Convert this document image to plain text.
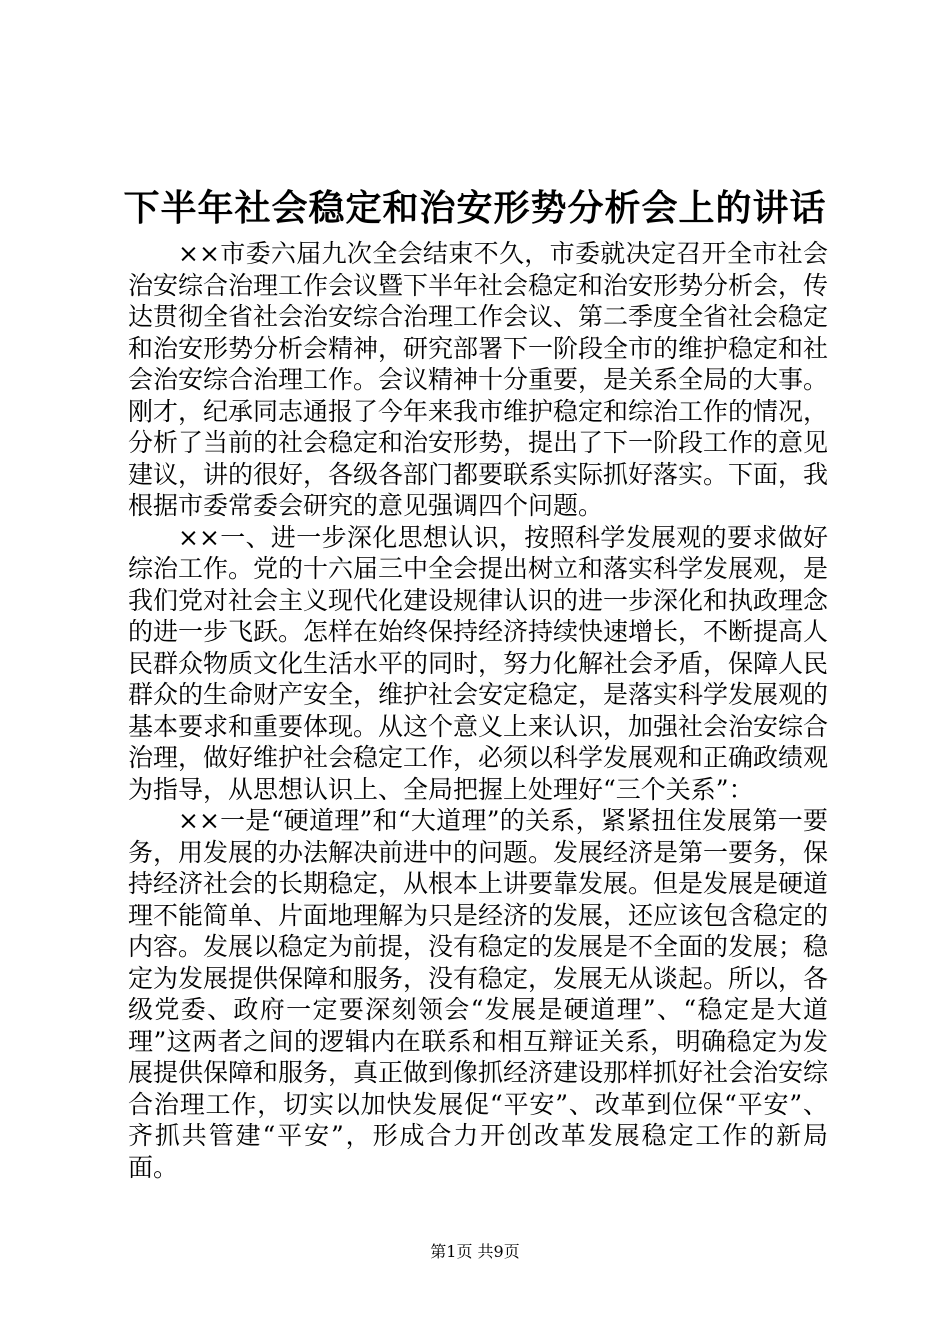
下半年社会稳定和治安形势分析会上的讲话

××市委六届九次全会结束不久，市委就决定召开全市社会治安综合治理工作会议暨下半年社会稳定和治安形势分析会，传达贯彻全省社会治安综合治理工作会议、第二季度全省社会稳定和治安形势分析会精神，研究部署下一阶段全市的维护稳定和社会治安综合治理工作。会议精神十分重要，是关系全局的大事。刚才，纪承同志通报了今年来我市维护稳定和综治工作的情况，分析了当前的社会稳定和治安形势，提出了下一阶段工作的意见建议，讲的很好，各级各部门都要联系实际抓好落实。下面，我根据市委常委会研究的意见强调四个问题。

××一、进一步深化思想认识，按照科学发展观的要求做好综治工作。党的十六届三中全会提出树立和落实科学发展观，是我们党对社会主义现代化建设规律认识的进一步深化和执政理念的进一步飞跃。怎样在始终保持经济持续快速增长，不断提高人民群众物质文化生活水平的同时，努力化解社会矛盾，保障人民群众的生命财产安全，维护社会安定稳定，是落实科学发展观的基本要求和重要体现。从这个意义上来认识，加强社会治安综合治理，做好维护社会稳定工作，必须以科学发展观和正确政绩观为指导，从思想认识上、全局把握上处理好“三个关系”：

××一是“硬道理”和“大道理”的关系，紧紧扭住发展第一要务，用发展的办法解决前进中的问题。发展经济是第一要务，保持经济社会的长期稳定，从根本上讲要靠发展。但是发展是硬道理不能简单、片面地理解为只是经济的发展，还应该包含稳定的内容。发展以稳定为前提，没有稳定的发展是不全面的发展；稳定为发展提供保障和服务，没有稳定，发展无从谈起。所以，各级党委、政府一定要深刻领会“发展是硬道理”、“稳定是大道理”这两者之间的逻辑内在联系和相互辩证关系，明确稳定为发展提供保障和服务，真正做到像抓经济建设那样抓好社会治安综合治理工作，切实以加快发展促“平安”、改革到位保“平安”、齐抓共管建“平安”，形成合力开创改革发展稳定工作的新局面。

第1页 共9页
